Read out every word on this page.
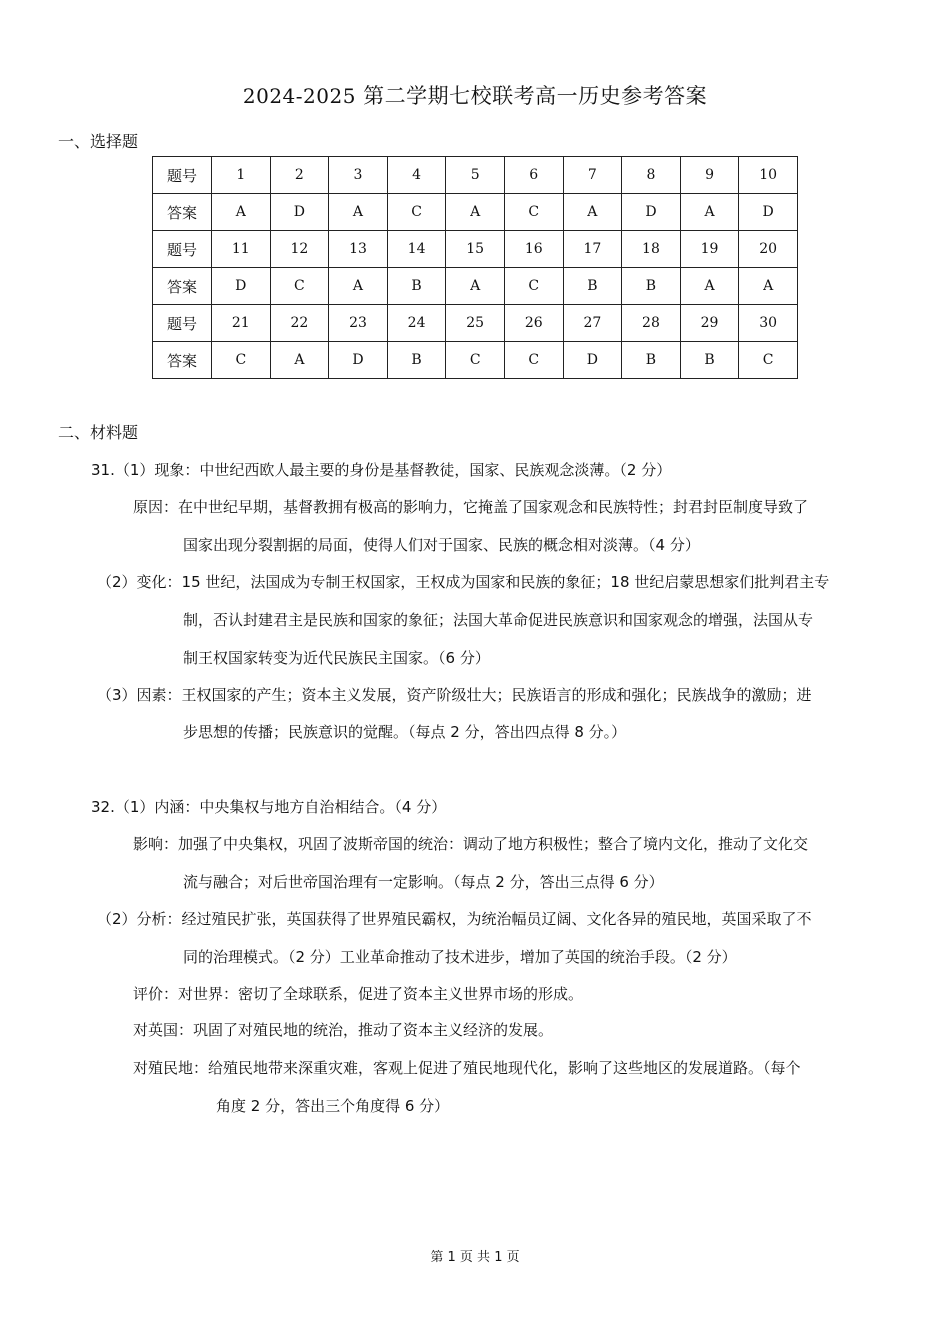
2024-2025 第二学期七校联考高一历史参考答案
一、选择题
题号	1	2	3	4	5	6	7	8	9	10
答案	A	D	A	C	A	C	A	D	A	D
题号	11	12	13	14	15	16	17	18	19	20
答案	D	C	A	B	A	C	B	B	A	A
题号	21	22	23	24	25	26	27	28	29	30
答案	C	A	D	B	C	C	D	B	B	C
二、材料题
31.（1）现象：中世纪西欧人最主要的身份是基督教徒，国家、民族观念淡薄。（2 分）
原因：在中世纪早期，基督教拥有极高的影响力，它掩盖了国家观念和民族特性；封君封臣制度导致了
国家出现分裂割据的局面，使得人们对于国家、民族的概念相对淡薄。（4 分）
（2）变化：15 世纪，法国成为专制王权国家，王权成为国家和民族的象征；18 世纪启蒙思想家们批判君主专
制，否认封建君主是民族和国家的象征；法国大革命促进民族意识和国家观念的增强，法国从专
制王权国家转变为近代民族民主国家。（6 分）
（3）因素：王权国家的产生；资本主义发展，资产阶级壮大；民族语言的形成和强化；民族战争的激励；进
步思想的传播；民族意识的觉醒。（每点 2 分，答出四点得 8 分。）
32.（1）内涵：中央集权与地方自治相结合。（4 分）
影响：加强了中央集权，巩固了波斯帝国的统治：调动了地方积极性；整合了境内文化，推动了文化交
流与融合；对后世帝国治理有一定影响。（每点 2 分，答出三点得 6 分）
（2）分析：经过殖民扩张，英国获得了世界殖民霸权，为统治幅员辽阔、文化各异的殖民地，英国采取了不
同的治理模式。（2 分）工业革命推动了技术进步，增加了英国的统治手段。（2 分）
评价：对世界：密切了全球联系，促进了资本主义世界市场的形成。
对英国：巩固了对殖民地的统治，推动了资本主义经济的发展。
对殖民地：给殖民地带来深重灾难，客观上促进了殖民地现代化，影响了这些地区的发展道路。（每个
角度 2 分，答出三个角度得 6 分）
第 1 页 共 1 页
